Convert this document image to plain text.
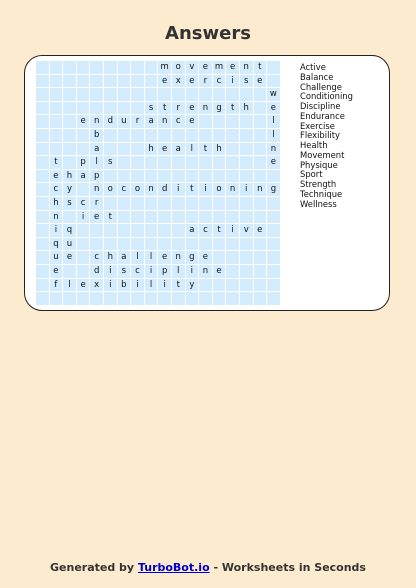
Answers
m o v e m e n	t
e x e	r	c	i	s	e
w
s	t	r	e n g	t	h	e
e n d u	r	a n	c	e	l
b	l
a	h e a	l	t	h	n
t	p	l	s	e
e h a p
c	y	n o	c	o n d	i	t	i	o n	i	n g
h	s	c	r
n	i	e	t
i	q	a	c	t	i	v e
q u
u e	c	h a	l	l	e n g e
e	d	i	s	c	i	p	l	i	n e
f	l	e x	i	b	i	l	i	t	y
Active
Balance
Challenge
Conditioning
Discipline
Endurance
Exercise
Flexibility
Health
Movement
Physique
Sport
Strength
Technique
Wellness
Generated by TurboBot.io - Worksheets in Seconds
